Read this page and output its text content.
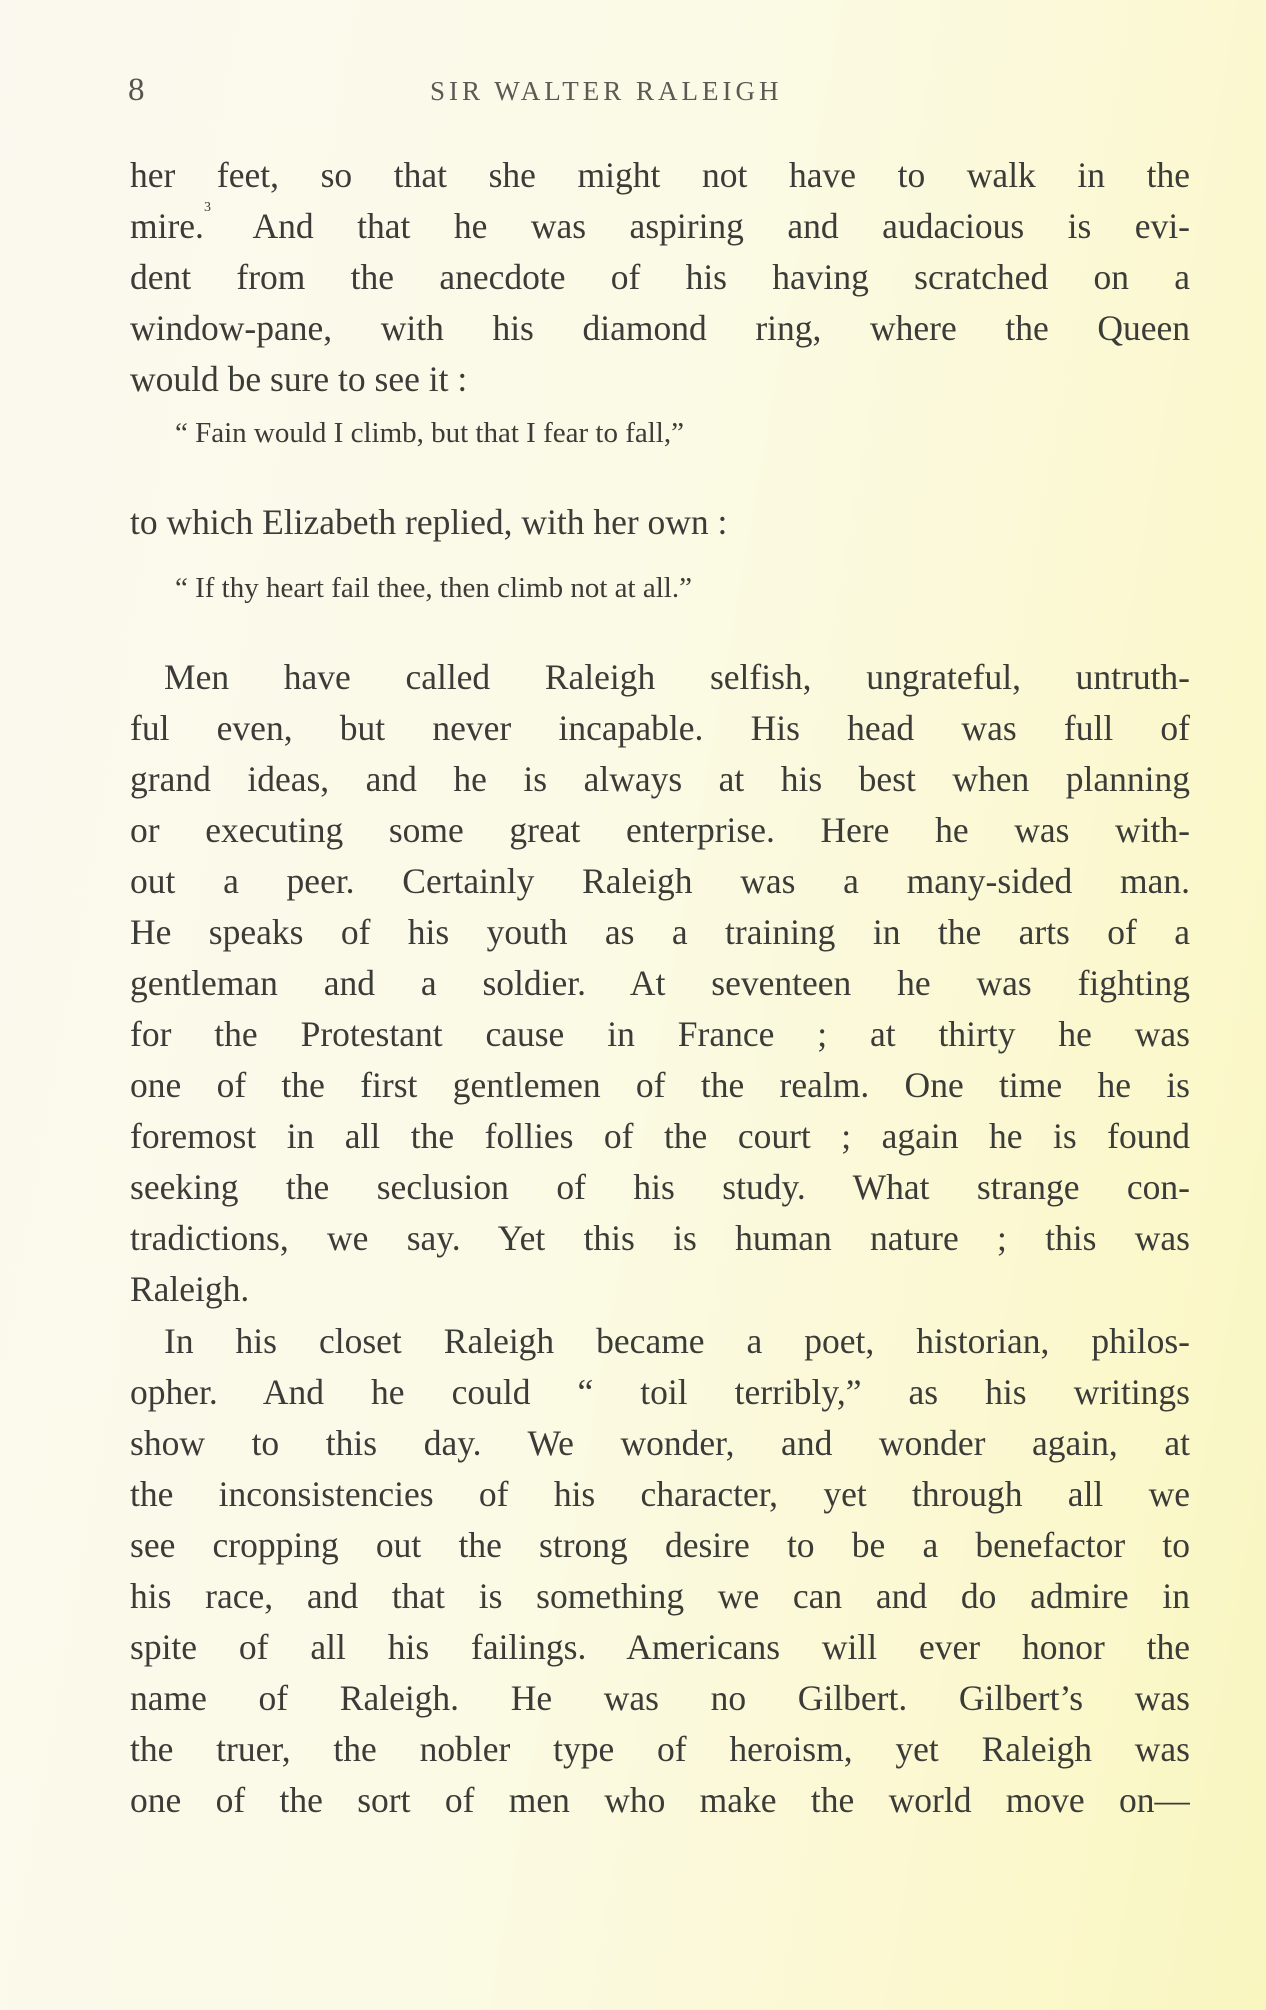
8	SIR WALTER RALEIGH
her feet, so that she might not have to walk in the
mire.$^3$ And that he was aspiring and audacious is evi-
dent from the anecdote of his having scratched on a
window-pane, with his diamond ring, where the Queen
would be sure to see it :
“ Fain would I climb, but that I fear to fall,”
to which Elizabeth replied, with her own :
“ If thy heart fail thee, then climb not at all.”
Men have called Raleigh selfish, ungrateful, untruth-
ful even, but never incapable. His head was full of
grand ideas, and he is always at his best when planning
or executing some great enterprise. Here he was with-
out a peer. Certainly Raleigh was a many-sided man.
He speaks of his youth as a training in the arts of a
gentleman and a soldier. At seventeen he was fighting
for the Protestant cause in France ; at thirty he was
one of the first gentlemen of the realm. One time he is
foremost in all the follies of the court ; again he is found
seeking the seclusion of his study. What strange con-
tradictions, we say. Yet this is human nature ; this was
Raleigh.
In his closet Raleigh became a poet, historian, philos-
opher. And he could “ toil terribly,” as his writings
show to this day. We wonder, and wonder again, at
the inconsistencies of his character, yet through all we
see cropping out the strong desire to be a benefactor to
his race, and that is something we can and do admire in
spite of all his failings. Americans will ever honor the
name of Raleigh. He was no Gilbert. Gilbert’s was
the truer, the nobler type of heroism, yet Raleigh was
one of the sort of men who make the world move on—
